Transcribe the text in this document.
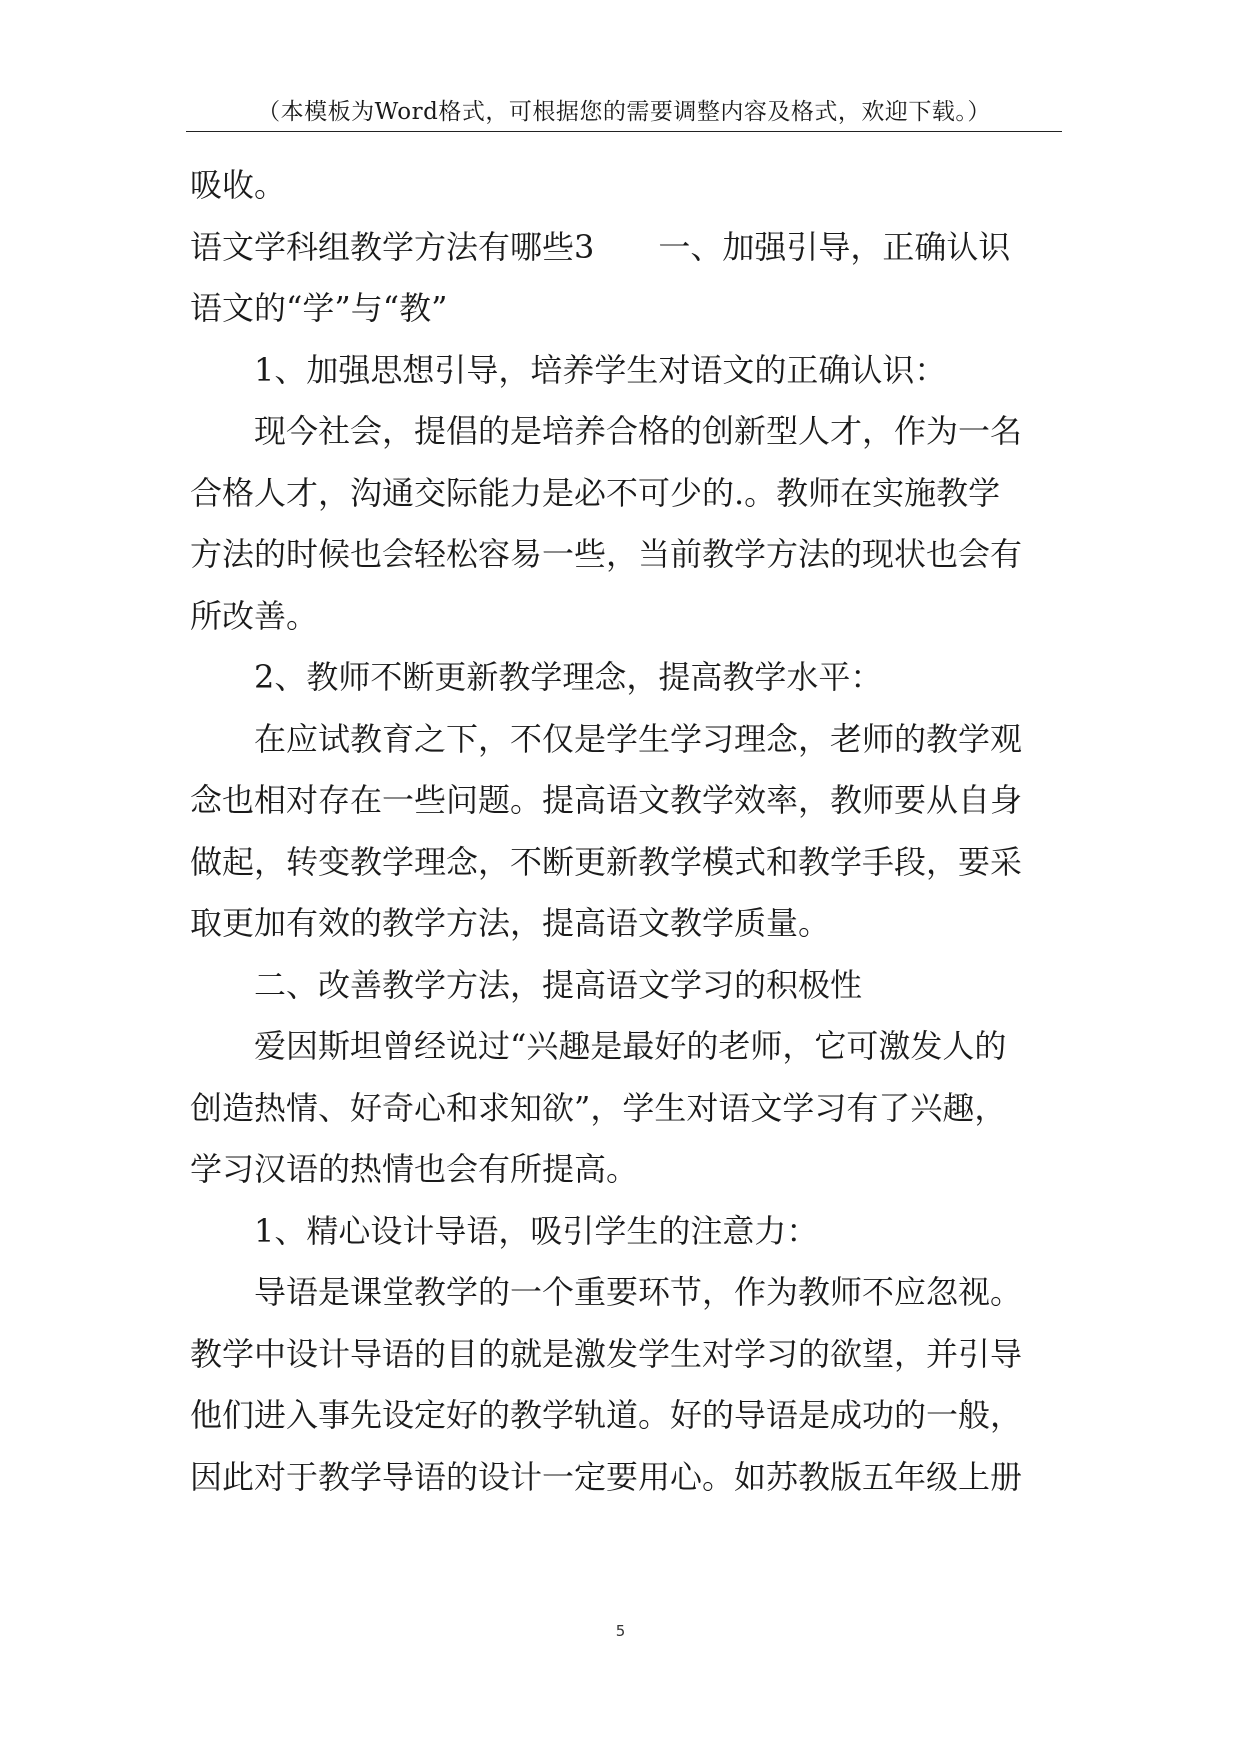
（本模板为Word格式，可根据您的需要调整内容及格式，欢迎下载。）

吸收。

语文学科组教学方法有哪些3 一、加强引导，正确认识

语文的“学”与“教”

1、加强思想引导，培养学生对语文的正确认识：

现今社会，提倡的是培养合格的创新型人才，作为一名

合格人才，沟通交际能力是必不可少的.。教师在实施教学

方法的时候也会轻松容易一些，当前教学方法的现状也会有

所改善。

2、教师不断更新教学理念，提高教学水平：

在应试教育之下，不仅是学生学习理念，老师的教学观

念也相对存在一些问题。提高语文教学效率，教师要从自身

做起，转变教学理念，不断更新教学模式和教学手段，要采

取更加有效的教学方法，提高语文教学质量。

二、改善教学方法，提高语文学习的积极性

爱因斯坦曾经说过“兴趣是最好的老师，它可激发人的

创造热情、好奇心和求知欲”，学生对语文学习有了兴趣，

学习汉语的热情也会有所提高。

1、精心设计导语，吸引学生的注意力：

导语是课堂教学的一个重要环节，作为教师不应忽视。

教学中设计导语的目的就是激发学生对学习的欲望，并引导

他们进入事先设定好的教学轨道。好的导语是成功的一般，

因此对于教学导语的设计一定要用心。如苏教版五年级上册

5
